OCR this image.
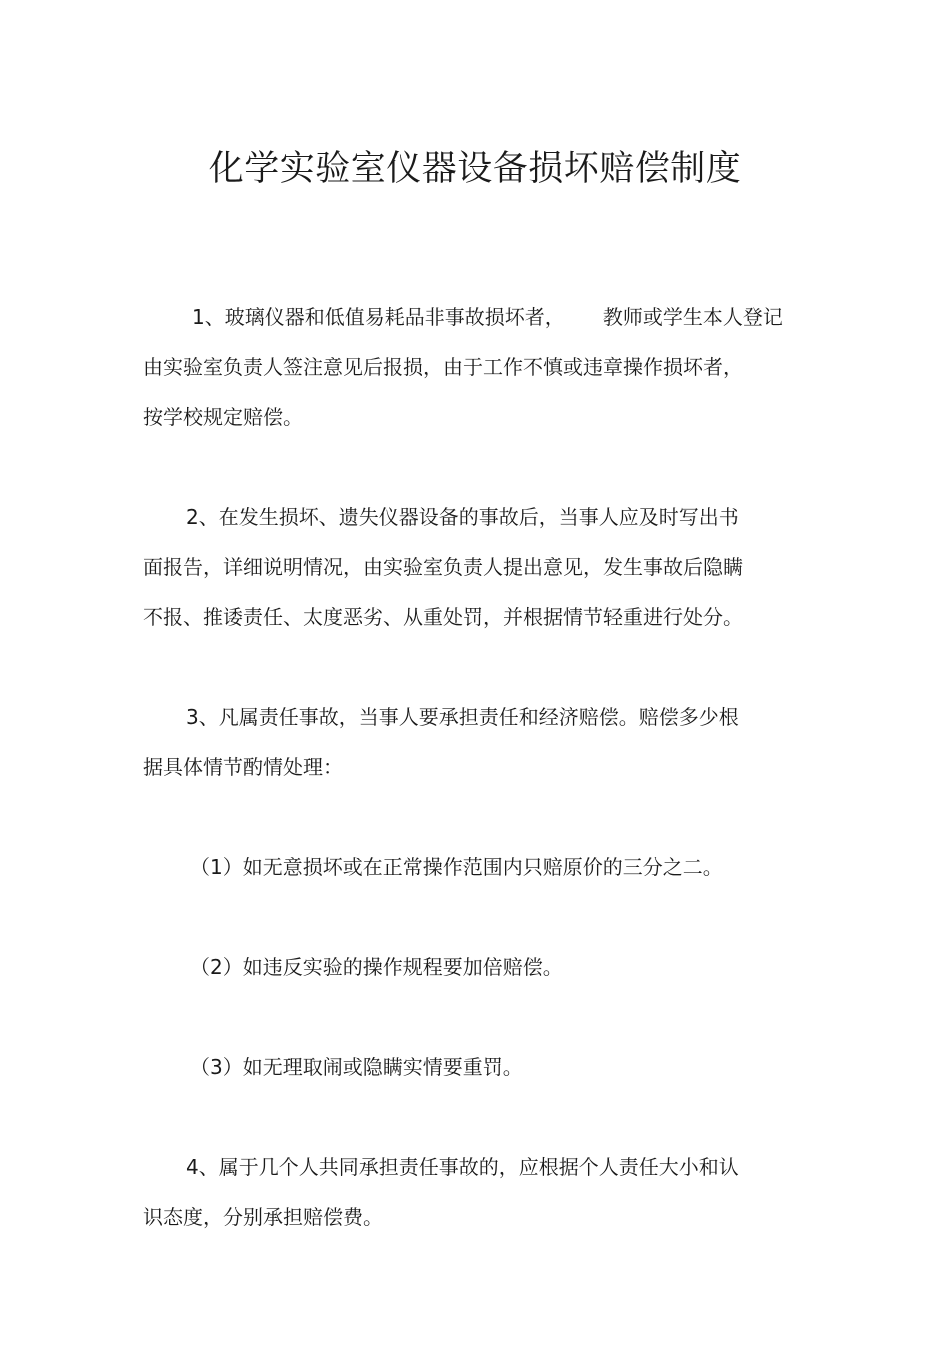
化学实验室仪器设备损坏赔偿制度

1、玻璃仪器和低值易耗品非事故损坏者，      教师或学生本人登记

由实验室负责人签注意见后报损，由于工作不慎或违章操作损坏者，

按学校规定赔偿。

2、在发生损坏、遗失仪器设备的事故后，当事人应及时写出书

面报告，详细说明情况，由实验室负责人提出意见，发生事故后隐瞒

不报、推诿责任、太度恶劣、从重处罚，并根据情节轻重进行处分。

3、凡属责任事故，当事人要承担责任和经济赔偿。赔偿多少根

据具体情节酌情处理：

（1）如无意损坏或在正常操作范围内只赔原价的三分之二。

（2）如违反实验的操作规程要加倍赔偿。

（3）如无理取闹或隐瞒实情要重罚。

4、属于几个人共同承担责任事故的，应根据个人责任大小和认

识态度，分别承担赔偿费。
